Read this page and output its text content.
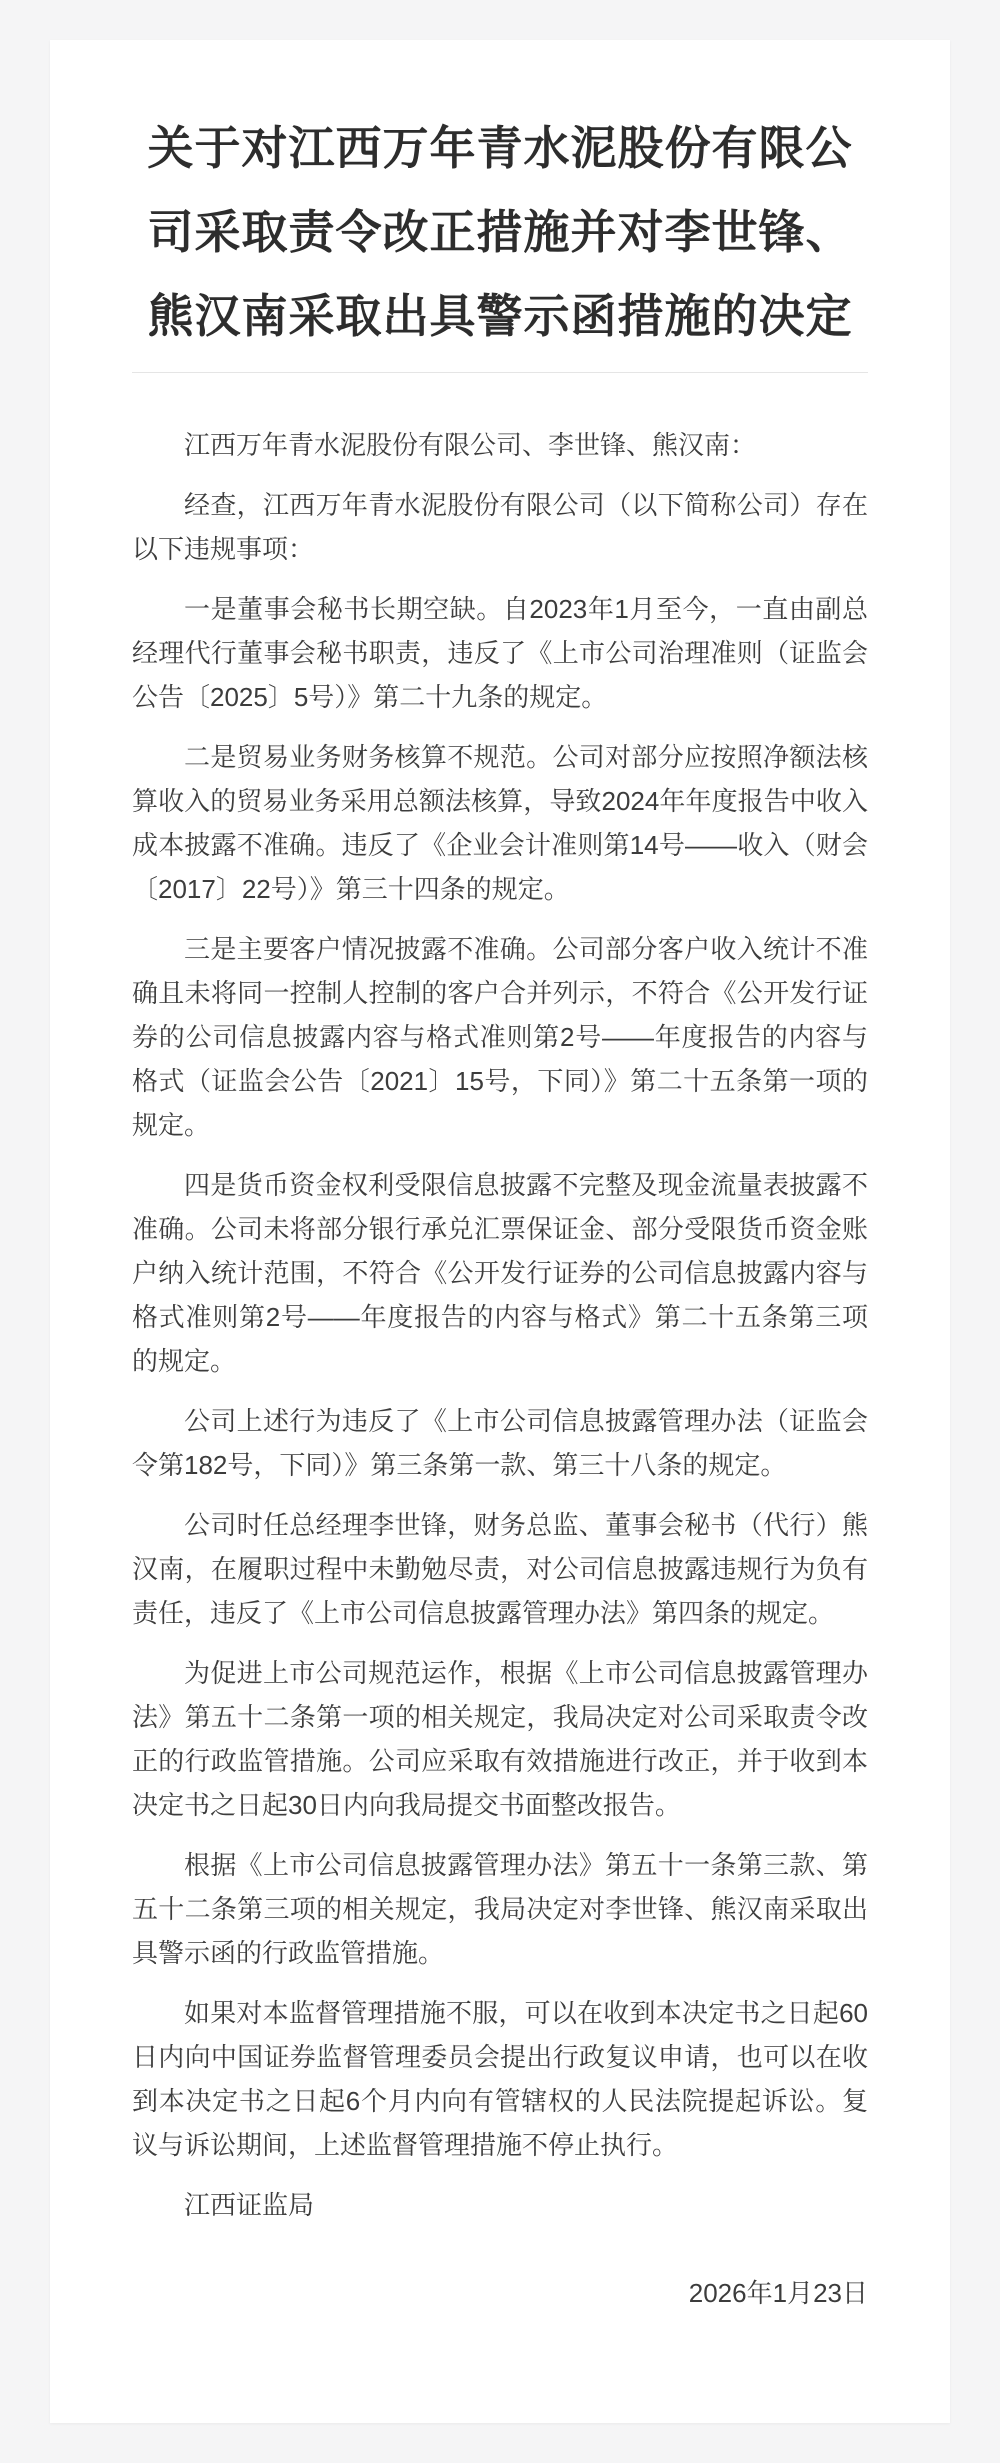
关于对江西万年青水泥股份有限公司采取责令改正措施并对李世锋、熊汉南采取出具警示函措施的决定

江西万年青水泥股份有限公司、李世锋、熊汉南：

经查，江西万年青水泥股份有限公司（以下简称公司）存在以下违规事项：

一是董事会秘书长期空缺。自2023年1月至今，一直由副总经理代行董事会秘书职责，违反了《上市公司治理准则（证监会公告〔2025〕5号）》第二十九条的规定。

二是贸易业务财务核算不规范。公司对部分应按照净额法核算收入的贸易业务采用总额法核算，导致2024年年度报告中收入成本披露不准确。违反了《企业会计准则第14号——收入（财会〔2017〕22号）》第三十四条的规定。

三是主要客户情况披露不准确。公司部分客户收入统计不准确且未将同一控制人控制的客户合并列示，不符合《公开发行证券的公司信息披露内容与格式准则第2号——年度报告的内容与格式（证监会公告〔2021〕15号，下同）》第二十五条第一项的规定。

四是货币资金权利受限信息披露不完整及现金流量表披露不准确。公司未将部分银行承兑汇票保证金、部分受限货币资金账户纳入统计范围，不符合《公开发行证券的公司信息披露内容与格式准则第2号——年度报告的内容与格式》第二十五条第三项的规定。

公司上述行为违反了《上市公司信息披露管理办法（证监会令第182号，下同）》第三条第一款、第三十八条的规定。

公司时任总经理李世锋，财务总监、董事会秘书（代行）熊汉南，在履职过程中未勤勉尽责，对公司信息披露违规行为负有责任，违反了《上市公司信息披露管理办法》第四条的规定。

为促进上市公司规范运作，根据《上市公司信息披露管理办法》第五十二条第一项的相关规定，我局决定对公司采取责令改正的行政监管措施。公司应采取有效措施进行改正，并于收到本决定书之日起30日内向我局提交书面整改报告。

根据《上市公司信息披露管理办法》第五十一条第三款、第五十二条第三项的相关规定，我局决定对李世锋、熊汉南采取出具警示函的行政监管措施。

如果对本监督管理措施不服，可以在收到本决定书之日起60日内向中国证券监督管理委员会提出行政复议申请，也可以在收到本决定书之日起6个月内向有管辖权的人民法院提起诉讼。复议与诉讼期间，上述监督管理措施不停止执行。

江西证监局

2026年1月23日
